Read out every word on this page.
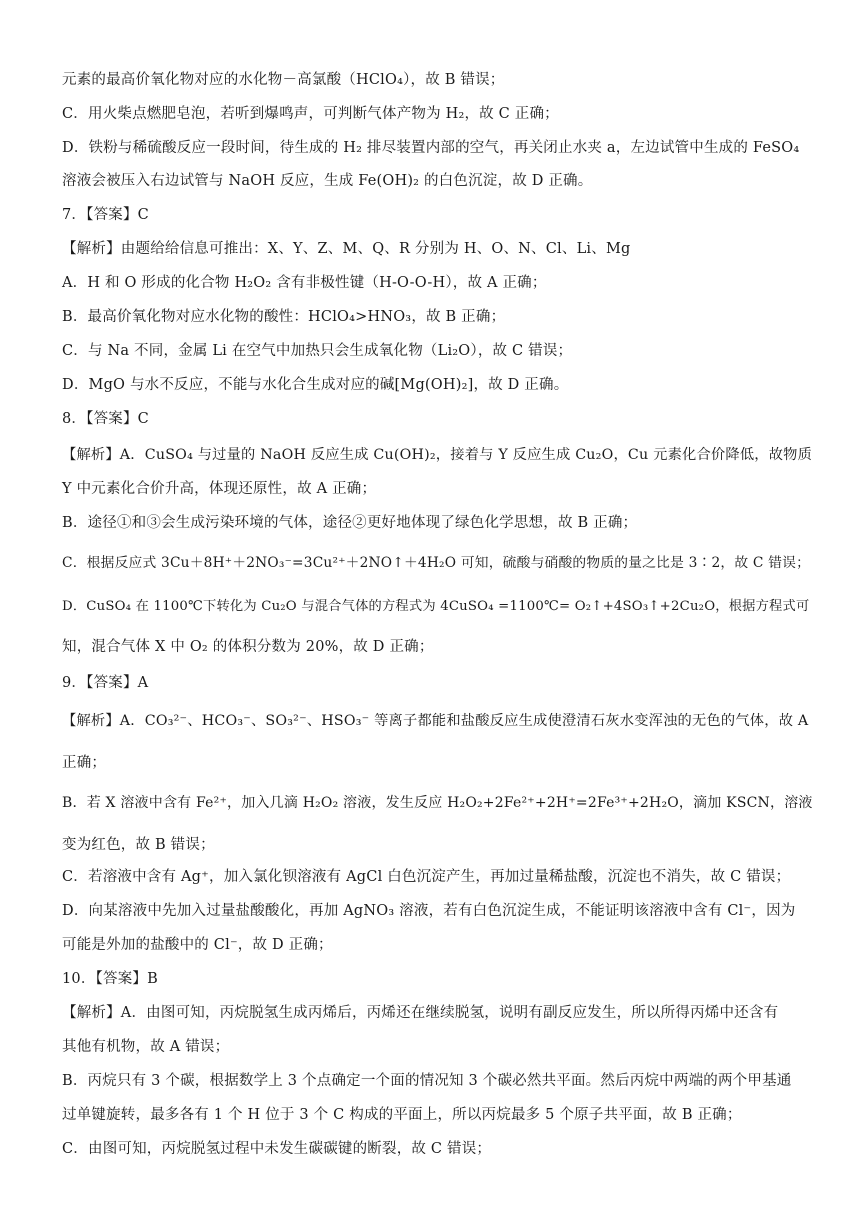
元素的最高价氧化物对应的水化物－高氯酸（HClO₄），故 B 错误；
C．用火柴点燃肥皂泡，若听到爆鸣声，可判断气体产物为 H₂，故 C 正确；
D．铁粉与稀硫酸反应一段时间，待生成的 H₂ 排尽装置内部的空气，再关闭止水夹 a，左边试管中生成的 FeSO₄
溶液会被压入右边试管与 NaOH 反应，生成 Fe(OH)₂ 的白色沉淀，故 D 正确。
7．【答案】C
【解析】由题给给信息可推出：X、Y、Z、M、Q、R 分别为 H、O、N、Cl、Li、Mg
A．H 和 O 形成的化合物 H₂O₂ 含有非极性键（H-O-O-H），故 A 正确；
B．最高价氧化物对应水化物的酸性：HClO₄>HNO₃，故 B 正确；
C．与 Na 不同，金属 Li 在空气中加热只会生成氧化物（Li₂O），故 C 错误；
D．MgO 与水不反应，不能与水化合生成对应的碱[Mg(OH)₂]，故 D 正确。
8．【答案】C
【解析】A．CuSO₄ 与过量的 NaOH 反应生成 Cu(OH)₂，接着与 Y 反应生成 Cu₂O，Cu 元素化合价降低，故物质
Y 中元素化合价升高，体现还原性，故 A 正确；
B．途径①和③会生成污染环境的气体，途径②更好地体现了绿色化学思想，故 B 正确；
C．根据反应式 3Cu＋8H⁺＋2NO₃⁻=3Cu²⁺＋2NO↑＋4H₂O 可知，硫酸与硝酸的物质的量之比是 3∶2，故 C 错误；
D．CuSO₄ 在 1100℃下转化为 Cu₂O 与混合气体的方程式为 4CuSO₄ =1100℃= O₂↑+4SO₃↑+2Cu₂O，根据方程式可
知，混合气体 X 中 O₂ 的体积分数为 20%，故 D 正确；
9．【答案】A
【解析】A．CO₃²⁻、HCO₃⁻、SO₃²⁻、HSO₃⁻ 等离子都能和盐酸反应生成使澄清石灰水变浑浊的无色的气体，故 A
正确；
B．若 X 溶液中含有 Fe²⁺，加入几滴 H₂O₂ 溶液，发生反应 H₂O₂+2Fe²⁺+2H⁺=2Fe³⁺+2H₂O，滴加 KSCN，溶液
变为红色，故 B 错误；
C．若溶液中含有 Ag⁺，加入氯化钡溶液有 AgCl 白色沉淀产生，再加过量稀盐酸，沉淀也不消失，故 C 错误；
D．向某溶液中先加入过量盐酸酸化，再加 AgNO₃ 溶液，若有白色沉淀生成，不能证明该溶液中含有 Cl⁻，因为
可能是外加的盐酸中的 Cl⁻，故 D 正确；
10．【答案】B
【解析】A．由图可知，丙烷脱氢生成丙烯后，丙烯还在继续脱氢，说明有副反应发生，所以所得丙烯中还含有
其他有机物，故 A 错误；
B．丙烷只有 3 个碳，根据数学上 3 个点确定一个面的情况知 3 个碳必然共平面。然后丙烷中两端的两个甲基通
过单键旋转，最多各有 1 个 H 位于 3 个 C 构成的平面上，所以丙烷最多 5 个原子共平面，故 B 正确；
C．由图可知，丙烷脱氢过程中未发生碳碳键的断裂，故 C 错误；
